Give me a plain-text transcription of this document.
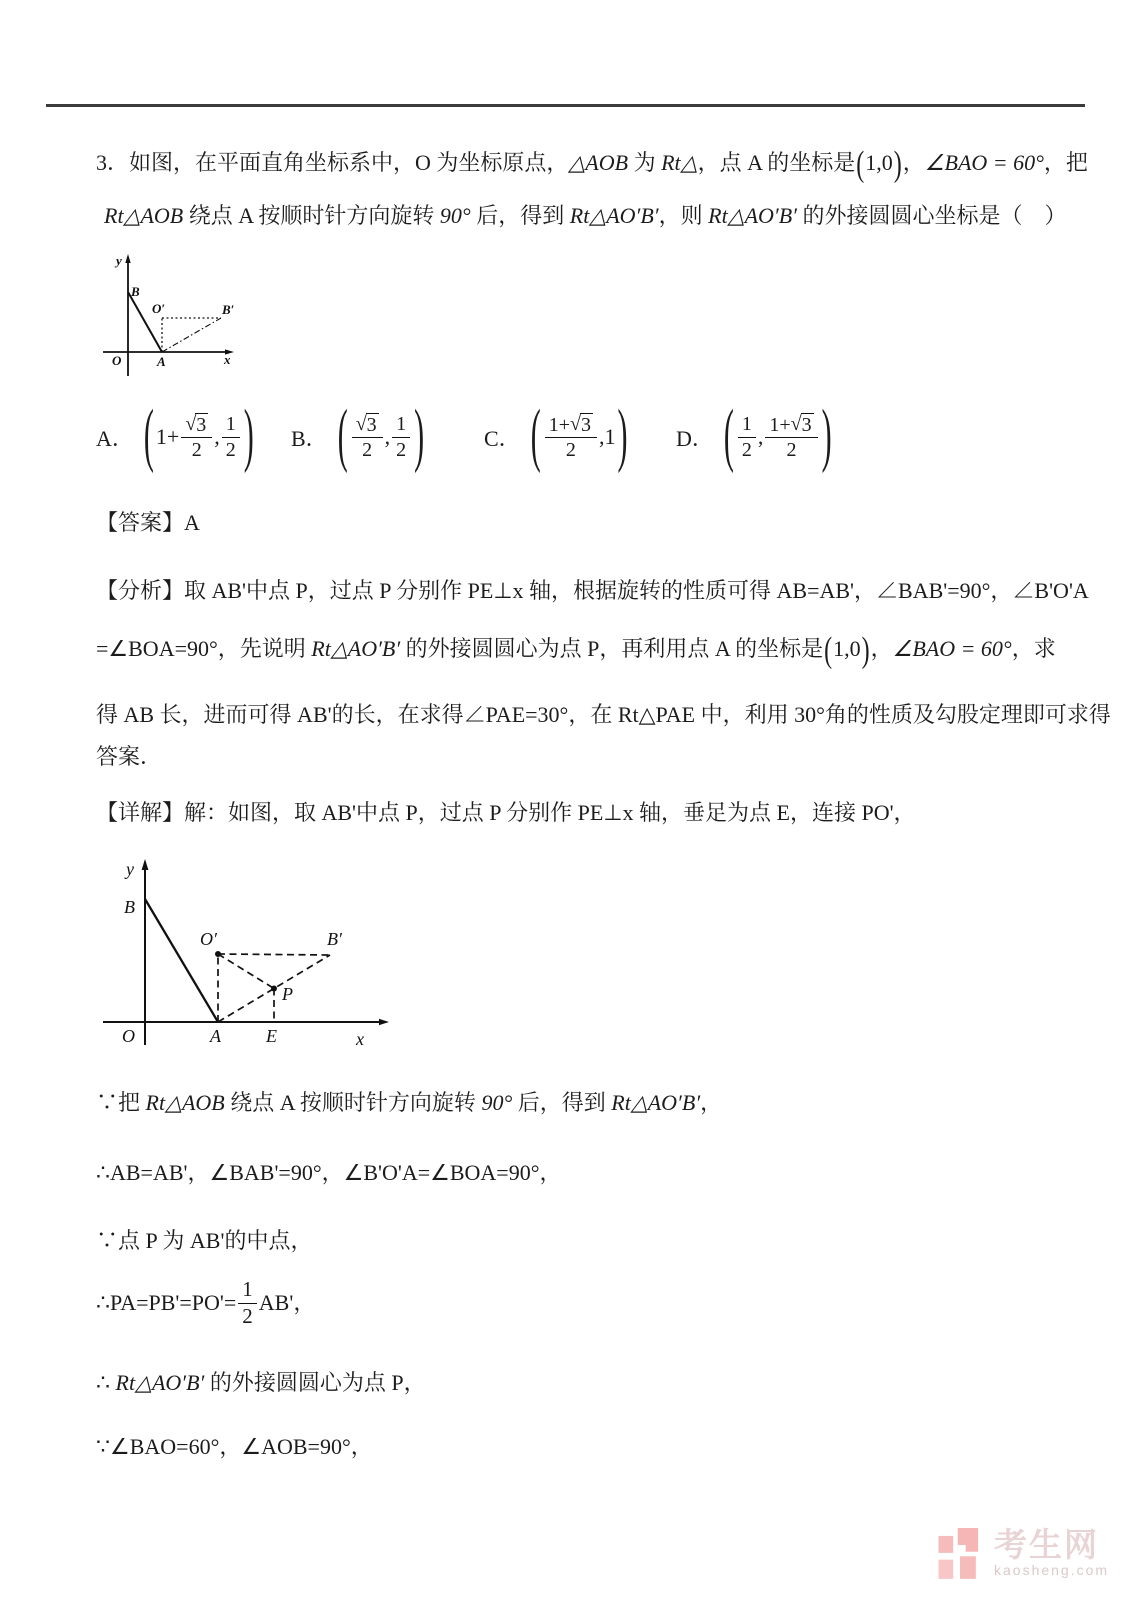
3．如图，在平面直角坐标系中，O 为坐标原点，△AOB 为 Rt△，点 A 的坐标是(1,0)，∠BAO = 60°，把
Rt△AOB 绕点 A 按顺时针方向旋转 90° 后，得到 Rt△AO′B′，则 Rt△AO′B′ 的外接圆圆心坐标是（　）
y
B
O′	B′
O	A	x
A． ( $1+ \frac{√ 3}{2}$ , $\frac{1}{2}$ ) B． ( $\frac{√ 3}{2}$ , $\frac{1}{2}$ )	C． ( $\frac{1+ √ 3}{2} ,1$ ) D． ( $\frac{1}{2}$ , $\frac{1+ √ 3}{2}$ )
【答案】A
【分析】取 AB'中点 P，过点 P 分别作 PE⊥x 轴，根据旋转的性质可得 AB=AB'，∠BAB'=90°，∠B'O'A
=∠BOA=90°，先说明 Rt△AO′B′ 的外接圆圆心为点 P，再利用点 A 的坐标是(1,0)，∠BAO = 60°，求
得 AB 长，进而可得 AB'的长，在求得∠PAE=30°，在 Rt△PAE 中，利用 30°角的性质及勾股定理即可求得
答案．
【详解】解：如图，取 AB'中点 P，过点 P 分别作 PE⊥x 轴，垂足为点 E，连接 PO'，
y
B
O′	B′
P
O	A	E	x
∵把 Rt△AOB 绕点 A 按顺时针方向旋转 90° 后，得到 Rt△AO′B′，
∴AB=AB'，∠BAB'=90°，∠B'O'A=∠BOA=90°，
∵点 P 为 AB'的中点，
∴PA=PB'=PO'= $\frac{1}{2} AB'$，
∴ Rt△AO′B′ 的外接圆圆心为点 P，
∵∠BAO=60°，∠AOB=90°，
考生网
kaosheng.com
